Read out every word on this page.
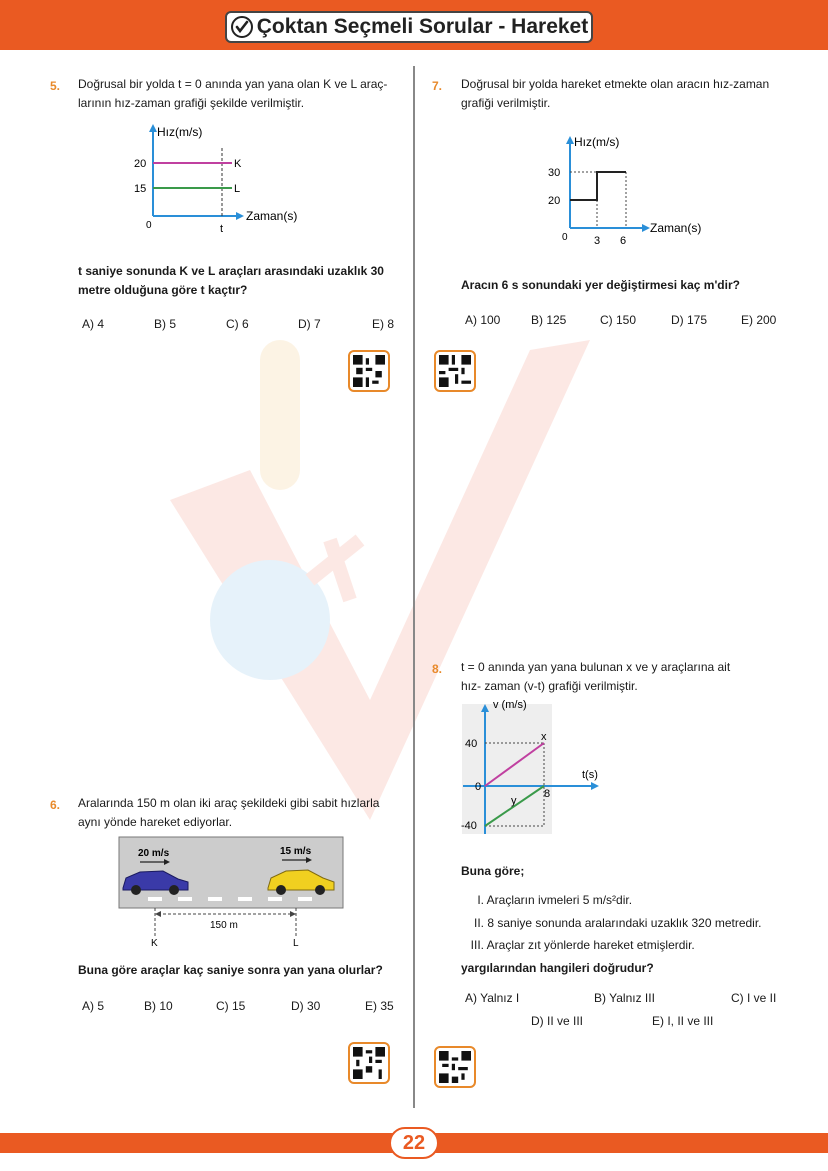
Çoktan Seçmeli Sorular - Hareket
5. Doğrusal bir yolda t = 0 anında yan yana olan K ve L araç-
larının hız-zaman grafiği şekilde verilmiştir.
Hız(m/s)
Zaman(s)
20
15
0	t
K
L
t saniye sonunda K ve L araçları arasındaki uzaklık 30
metre olduğuna göre t kaçtır?
A) 4	B) 5	C) 6	D) 7	E) 8
6. Aralarında 150 m olan iki araç şekildeki gibi sabit hızlarla
aynı yönde hareket ediyorlar.
20 m/s	15 m/s
150 m
K	L
Buna göre araçlar kaç saniye sonra yan yana olurlar?
A) 5	B) 10	C) 15	D) 30	E) 35
7. Doğrusal bir yolda hareket etmekte olan aracın hız-zaman
grafiği verilmiştir.
Hız(m/s)
Zaman(s)
30
20
0 3 6
Aracın 6 s sonundaki yer değiştirmesi kaç m'dir?
A) 100	B) 125	C) 150	D) 175	E) 200
8. t = 0 anında yan yana bulunan x ve y araçlarına ait
hız- zaman (v-t) grafiği verilmiştir.
v (m/s)
t(s)
40
0
-40
8
x
y
Buna göre;
I. Araçların ivmeleri 5 m/s²dir.
II. 8 saniye sonunda aralarındaki uzaklık 320 metredir.
III. Araçlar zıt yönlerde hareket etmişlerdir.
yargılarından hangileri doğrudur?
A) Yalnız I	B) Yalnız III	C) I ve II
D) II ve III	E) I, II ve III
22
